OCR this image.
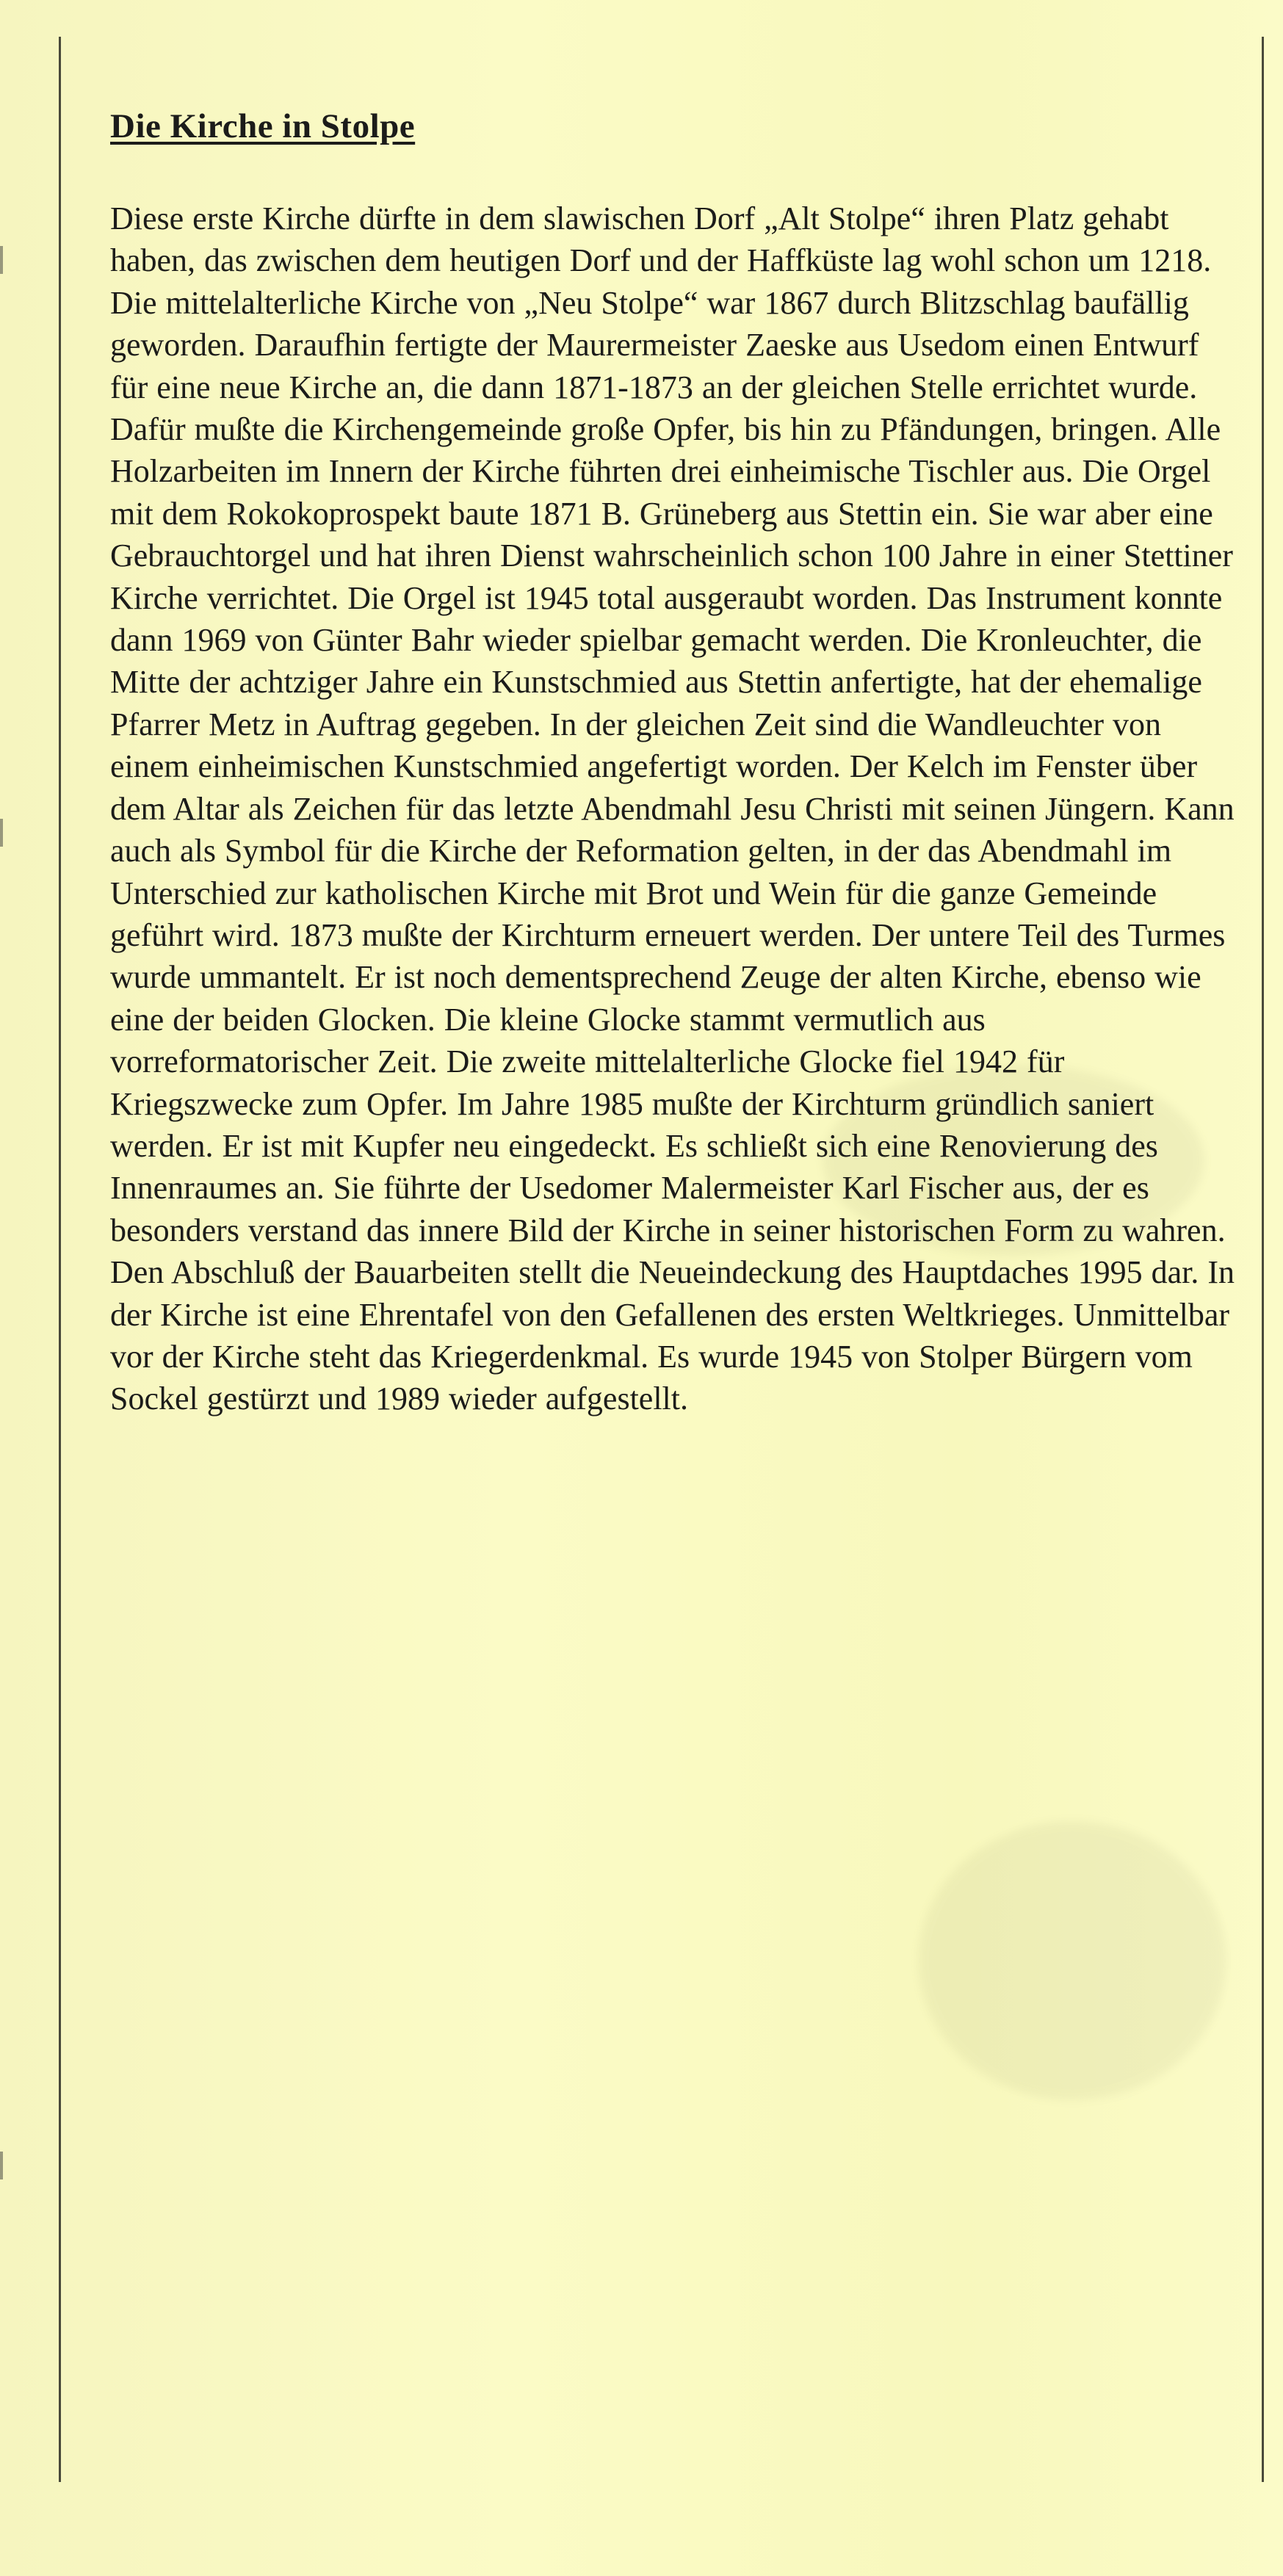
Die Kirche in Stolpe

Diese erste Kirche dürfte in dem slawischen Dorf „Alt Stolpe“ ihren Platz gehabt haben, das zwischen dem heutigen Dorf und der Haffküste lag wohl schon um 1218. Die mittelalterliche Kirche von „Neu Stolpe“ war 1867 durch Blitzschlag baufällig geworden. Daraufhin fertigte der Maurermeister Zaeske aus Usedom einen Entwurf für eine neue Kirche an, die dann 1871-1873 an der gleichen Stelle errichtet wurde. Dafür mußte die Kirchengemeinde große Opfer, bis hin zu Pfändungen, bringen. Alle Holzarbeiten im Innern der Kirche führten drei einheimische Tischler aus. Die Orgel mit dem Rokokoprospekt baute 1871 B. Grüneberg aus Stettin ein. Sie war aber eine Gebrauchtorgel und hat ihren Dienst wahrscheinlich schon 100 Jahre in einer Stettiner Kirche verrichtet. Die Orgel ist 1945 total ausgeraubt worden. Das Instrument konnte dann 1969 von Günter Bahr wieder spielbar gemacht werden. Die Kronleuchter, die Mitte der achtziger Jahre ein Kunstschmied aus Stettin anfertigte, hat der ehemalige Pfarrer Metz in Auftrag gegeben. In der gleichen Zeit sind die Wandleuchter von einem einheimischen Kunstschmied angefertigt worden. Der Kelch im Fenster über dem Altar als Zeichen für das letzte Abendmahl Jesu Christi mit seinen Jüngern. Kann auch als Symbol für die Kirche der Reformation gelten, in der das Abendmahl im Unterschied zur katholischen Kirche mit Brot und Wein für die ganze Gemeinde geführt wird. 1873 mußte der Kirchturm erneuert werden. Der untere Teil des Turmes wurde ummantelt. Er ist noch dementsprechend Zeuge der alten Kirche, ebenso wie eine der beiden Glocken. Die kleine Glocke stammt vermutlich aus vorreformatorischer Zeit. Die zweite mittelalterliche Glocke fiel 1942 für Kriegszwecke zum Opfer. Im Jahre 1985 mußte der Kirchturm gründlich saniert werden. Er ist mit Kupfer neu eingedeckt. Es schließt sich eine Renovierung des Innenraumes an. Sie führte der Usedomer Malermeister Karl Fischer aus, der es besonders verstand das innere Bild der Kirche in seiner historischen Form zu wahren. Den Abschluß der Bauarbeiten stellt die Neueindeckung des Hauptdaches 1995 dar. In der Kirche ist eine Ehrentafel von den Gefallenen des ersten Weltkrieges. Unmittelbar vor der Kirche steht das Kriegerdenkmal. Es wurde 1945 von Stolper Bürgern vom Sockel gestürzt und 1989 wieder aufgestellt.
